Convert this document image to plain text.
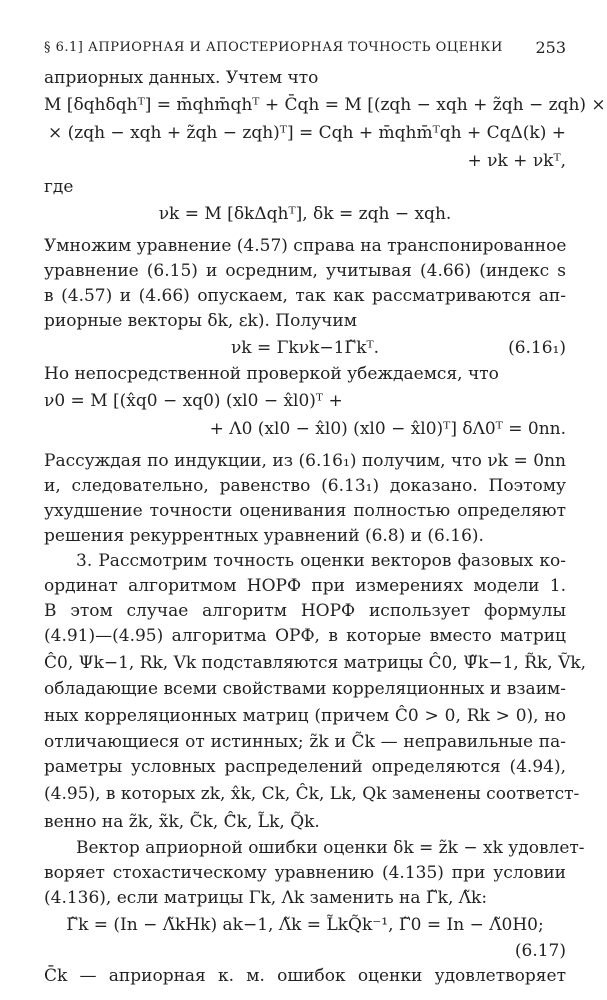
§ 6.1] АПРИОРНАЯ И АПОСТЕРИОРНАЯ ТОЧНОСТЬ ОЦЕНКИ 253
априорных данных. Учтем что
M [δqhδqhᵀ] = m̄qhm̄qhᵀ + C̄qh = M [(zqh − xqh + z̃qh − zqh) ×
× (zqh − xqh + z̃qh − zqh)ᵀ] = Cqh + m̄qhm̄ᵀqh + CqΔ(k) +
+ νk + νkᵀ,
где
νk = M [δkΔqhᵀ], δk = zqh − xqh.
Умножим уравнение (4.57) справа на транспонированное
уравнение (6.15) и осредним, учитывая (4.66) (индекс s
в (4.57) и (4.66) опускаем, так как рассматриваются ап-
риорные векторы δk, εk). Получим
νk = Γkνk−1Γ̃kᵀ.	(6.16₁)
Но непосредственной проверкой убеждаемся, что
ν0 = M [(x̂q0 − xq0) (xl0 − x̂l0)ᵀ +
+ Λ0 (xl0 − x̂l0) (xl0 − x̂l0)ᵀ] δΛ0ᵀ = 0nn.
Рассуждая по индукции, из (6.16₁) получим, что νk = 0nn
и, следовательно, равенство (6.13₁) доказано. Поэтому
ухудшение точности оценивания полностью определяют
решения рекуррентных уравнений (6.8) и (6.16).
3. Рассмотрим точность оценки векторов фазовых ко-
ординат алгоритмом НОРФ при измерениях модели 1.
В этом случае алгоритм НОРФ использует формулы
(4.91)—(4.95) алгоритма ОРФ, в которые вместо матриц
Ĉ0, Ψk−1, Rk, Vk подставляются матрицы Ĉ0, Ψ̃k−1, R̃k, Ṽk,
обладающие всеми свойствами корреляционных и взаим-
ных корреляционных матриц (причем Ĉ0 > 0, Rk > 0), но
отличающиеся от истинных; z̃k и C̃k — неправильные па-
раметры условных распределений определяются (4.94),
(4.95), в которых zk, x̂k, Ck, Ĉk, Lk, Qk заменены соответст-
венно на z̃k, x̃k, C̃k, Ĉ̃k, L̃k, Q̃k.
Вектор априорной ошибки оценки δk = z̃k − xk удовлет-
воряет стохастическому уравнению (4.135) при условии
(4.136), если матрицы Γk, Λk заменить на Γ̃k, Λ̃k:
Γ̃k = (In − Λ̃kHk) ak−1, Λ̃k = L̃kQ̃k⁻¹, Γ̃0 = In − Λ̃0H0;
(6.17)
C̄k — априорная к. м. ошибок оценки удовлетворяет
